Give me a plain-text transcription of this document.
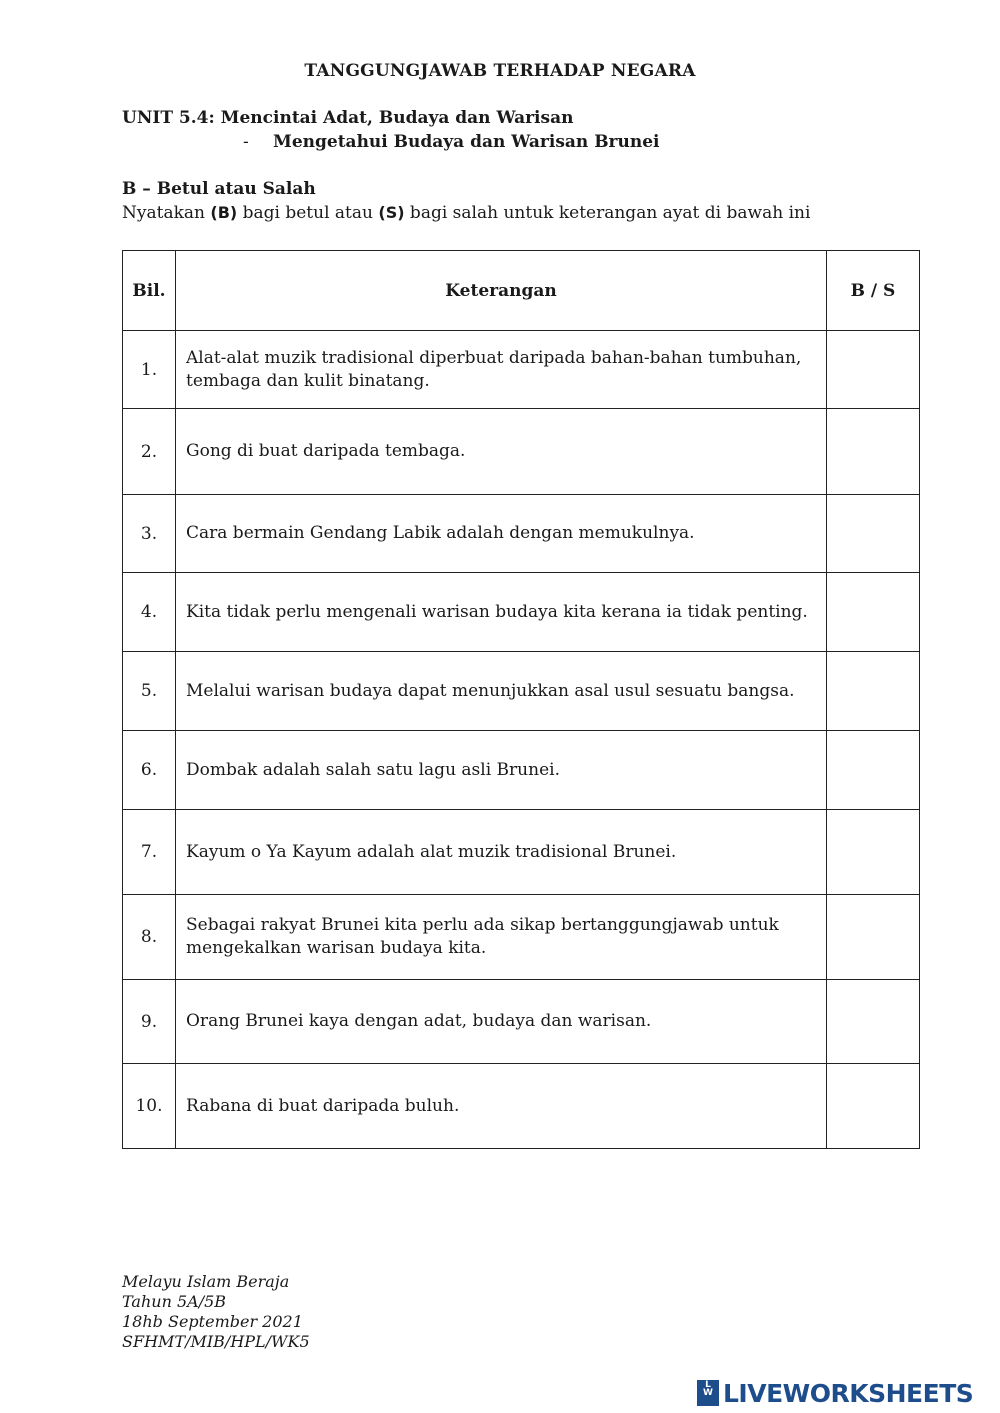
TANGGUNGJAWAB TERHADAP NEGARA
UNIT 5.4: Mencintai Adat, Budaya dan Warisan
- Mengetahui Budaya dan Warisan Brunei
B – Betul atau Salah
Nyatakan (B) bagi betul atau (S) bagi salah untuk keterangan ayat di bawah ini
Bil.	Keterangan	B / S
1.	Alat-alat muzik tradisional diperbuat daripada bahan-bahan tumbuhan, tembaga dan kulit binatang.	
2.	Gong di buat daripada tembaga.	
3.	Cara bermain Gendang Labik adalah dengan memukulnya.	
4.	Kita tidak perlu mengenali warisan budaya kita kerana ia tidak penting.	
5.	Melalui warisan budaya dapat menunjukkan asal usul sesuatu bangsa.	
6.	Dombak adalah salah satu lagu asli Brunei.	
7.	Kayum o Ya Kayum adalah alat muzik tradisional Brunei.	
8.	Sebagai rakyat Brunei kita perlu ada sikap bertanggungjawab untuk mengekalkan warisan budaya kita.	
9.	Orang Brunei kaya dengan adat, budaya dan warisan.	
10.	Rabana di buat daripada buluh.	
Melayu Islam Beraja
Tahun 5A/5B
18hb September 2021
SFHMT/MIB/HPL/WK5
L
W LIVEWORKSHEETS
